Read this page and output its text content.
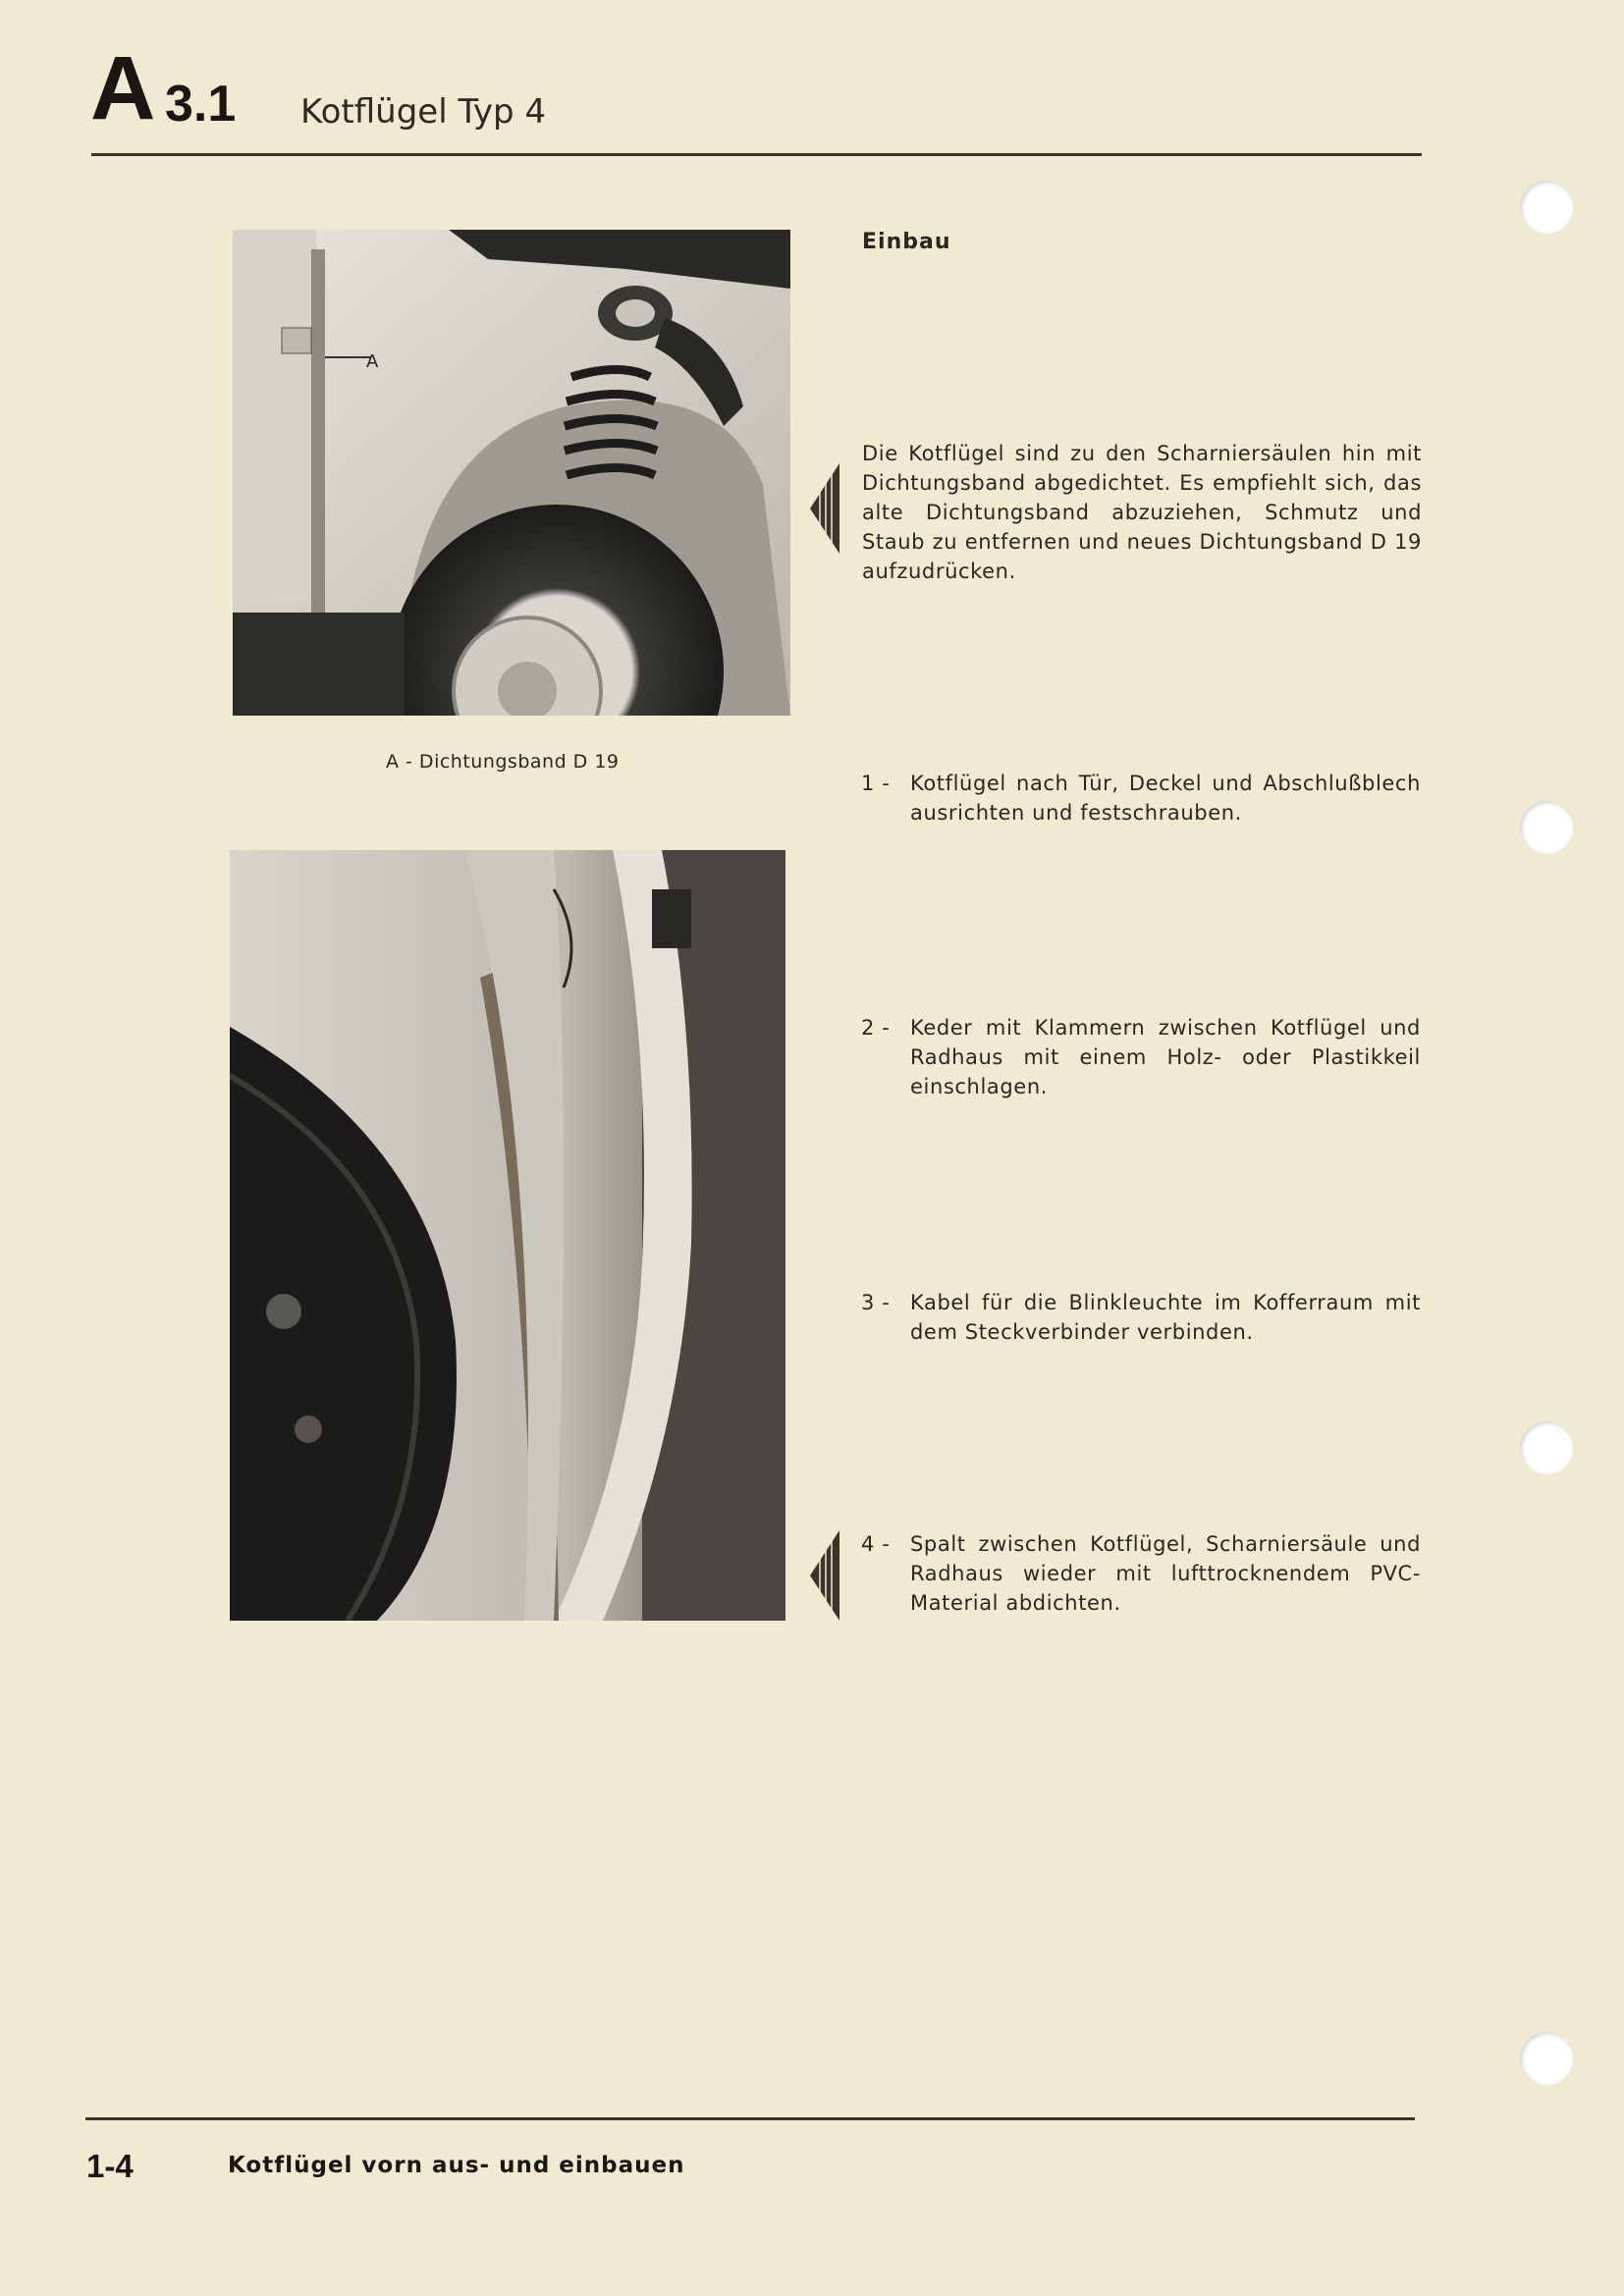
A 3.1 Kotflügel Typ 4
A
A - Dichtungsband D 19
Einbau
Die Kotflügel sind zu den Scharniersäulen hin mit Dichtungsband abgedichtet. Es empfiehlt sich, das alte Dichtungsband abzuziehen, Schmutz und Staub zu entfernen und neues Dichtungsband D 19 aufzudrücken.
1 - Kotflügel nach Tür, Deckel und Abschlußblech ausrichten und festschrauben.
2 - Keder mit Klammern zwischen Kotflügel und Radhaus mit einem Holz- oder Plastikkeil einschlagen.
3 - Kabel für die Blinkleuchte im Kofferraum mit dem Steckverbinder verbinden.
4 - Spalt zwischen Kotflügel, Scharniersäule und Radhaus wieder mit lufttrocknendem PVC-Material abdichten.
1-4	Kotflügel vorn aus- und einbauen
